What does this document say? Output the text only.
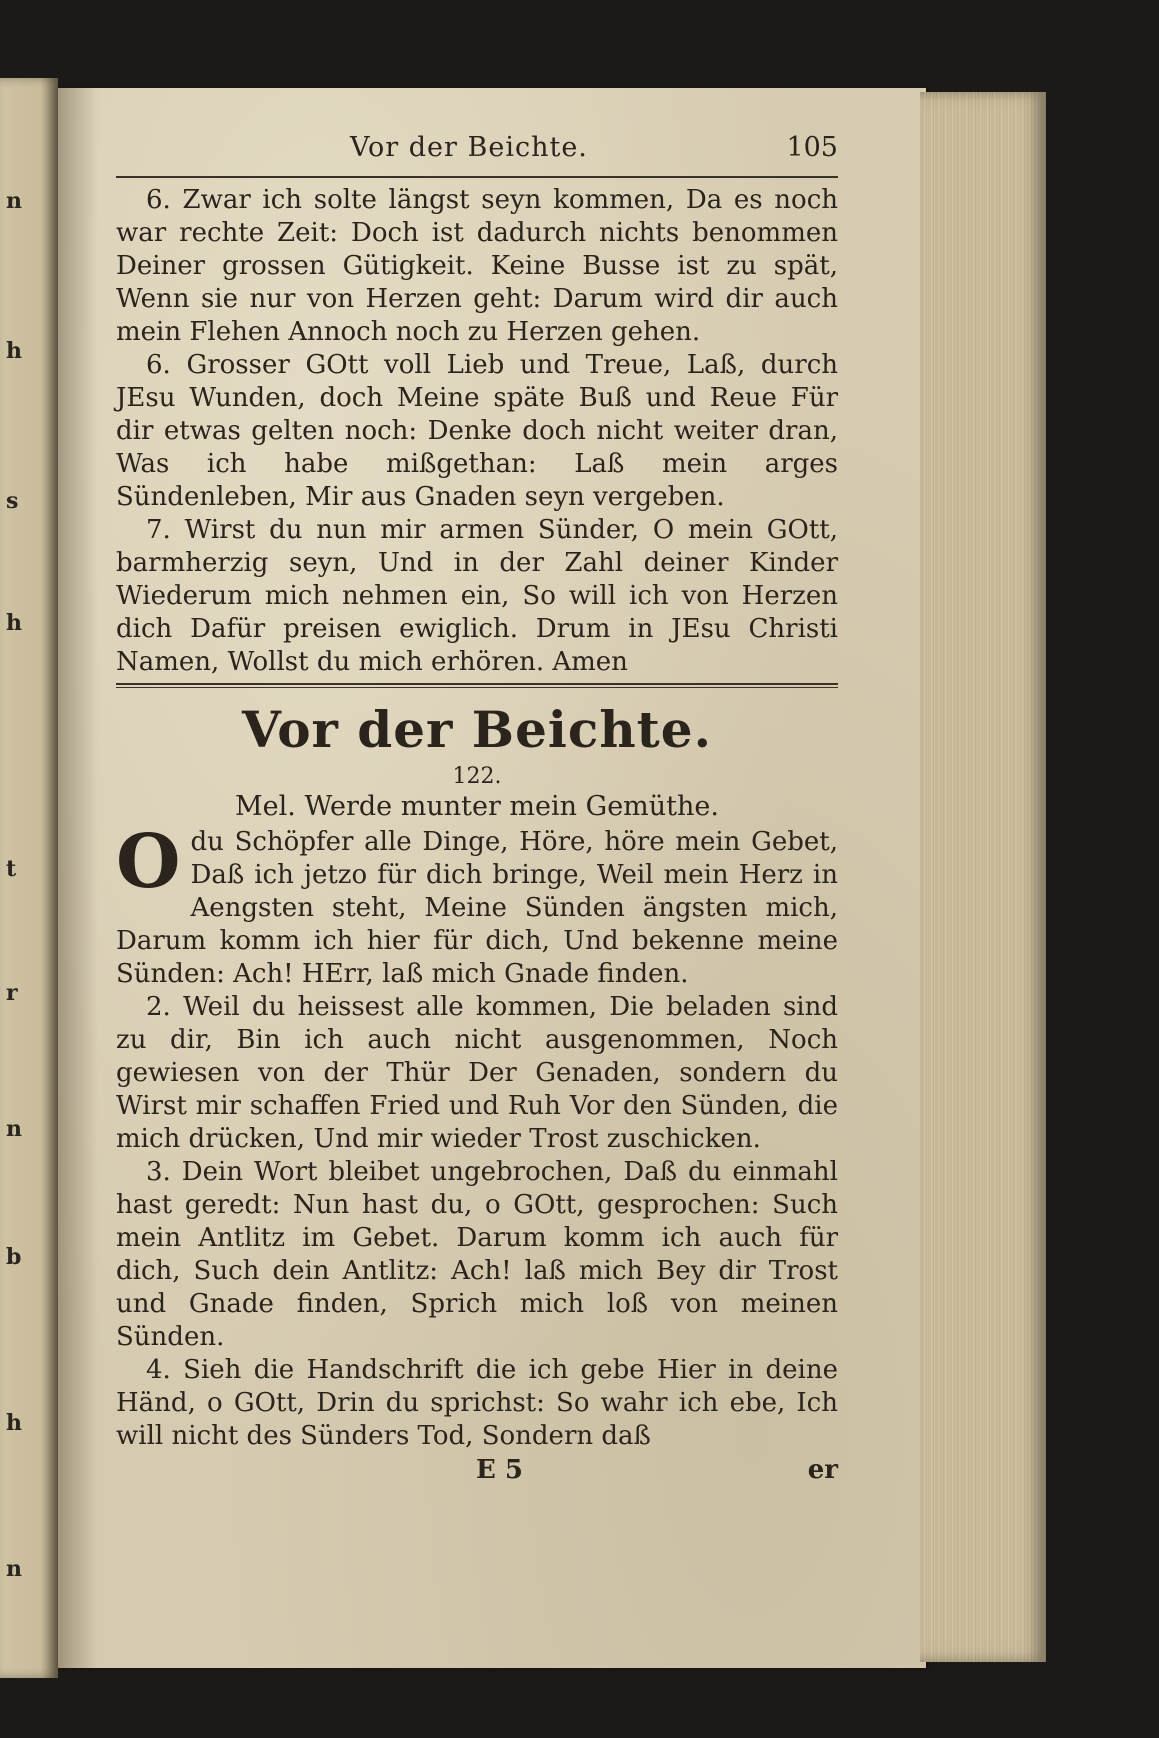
n
h
s
h
t
r
n
b
h
n
Vor der Beichte.	105

6. Zwar ich solte längst seyn kommen, Da es noch war rechte Zeit: Doch ist dadurch nichts benommen Deiner grossen Gütigkeit. Keine Busse ist zu spät, Wenn sie nur von Herzen geht: Darum wird dir auch mein Flehen Annoch noch zu Herzen gehen.

6. Grosser GOtt voll Lieb und Treue, Laß, durch JEsu Wunden, doch Meine späte Buß und Reue Für dir etwas gelten noch: Denke doch nicht weiter dran, Was ich habe mißgethan: Laß mein arges Sündenleben, Mir aus Gnaden seyn vergeben.

7. Wirst du nun mir armen Sünder, O mein GOtt, barmherzig seyn, Und in der Zahl deiner Kinder Wiederum mich nehmen ein, So will ich von Herzen dich Dafür preisen ewiglich. Drum in JEsu Christi Namen, Wollst du mich erhören. Amen

Vor der Beichte.
122.
Mel. Werde munter mein Gemüthe.
O du Schöpfer alle Dinge, Höre, höre mein Gebet, Daß ich jetzo für dich bringe, Weil mein Herz in Aengsten steht, Meine Sünden ängsten mich, Darum komm ich hier für dich, Und bekenne meine Sünden: Ach! HErr, laß mich Gnade finden.

2. Weil du heissest alle kommen, Die beladen sind zu dir, Bin ich auch nicht ausgenommen, Noch gewiesen von der Thür Der Genaden, sondern du Wirst mir schaffen Fried und Ruh Vor den Sünden, die mich drücken, Und mir wieder Trost zuschicken.

3. Dein Wort bleibet ungebrochen, Daß du einmahl hast geredt: Nun hast du, o GOtt, gesprochen: Such mein Antlitz im Gebet. Darum komm ich auch für dich, Such dein Antlitz: Ach! laß mich Bey dir Trost und Gnade finden, Sprich mich loß von meinen Sünden.

4. Sieh die Handschrift die ich gebe Hier in deine Händ, o GOtt, Drin du sprichst: So wahr ich ebe, Ich will nicht des Sünders Tod, Sondern daß

E 5	er
